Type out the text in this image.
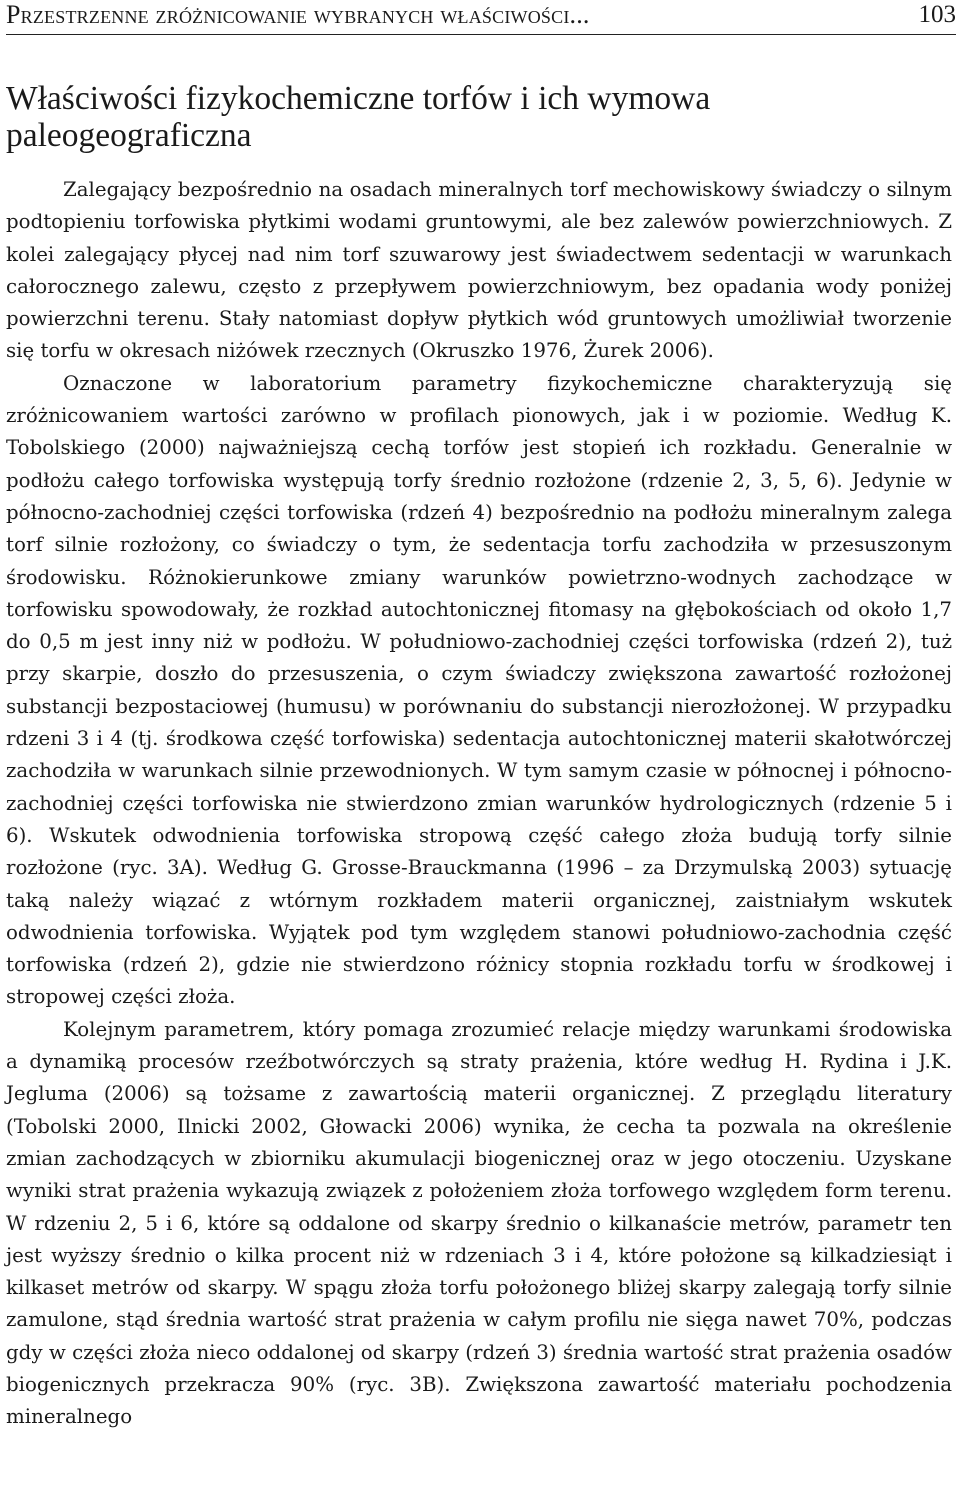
Przestrzenne zróżnicowanie wybranych właściwości...	103
Właściwości fizykochemiczne torfów i ich wymowa paleogeograficzna

Zalegający bezpośrednio na osadach mineralnych torf mechowiskowy świadczy o silnym podtopieniu torfowiska płytkimi wodami gruntowymi, ale bez zalewów powierzchniowych. Z kolei zalegający płycej nad nim torf szuwarowy jest świadectwem sedentacji w warunkach całorocznego zalewu, często z przepływem powierzchniowym, bez opadania wody poniżej powierzchni terenu. Stały natomiast dopływ płytkich wód gruntowych umożliwiał tworzenie się torfu w okresach niżówek rzecznych (Okruszko 1976, Żurek 2006).

Oznaczone w laboratorium parametry fizykochemiczne charakteryzują się zróżnicowaniem wartości zarówno w profilach pionowych, jak i w poziomie. Według K. Tobolskiego (2000) najważniejszą cechą torfów jest stopień ich rozkładu. Generalnie w podłożu całego torfowiska występują torfy średnio rozłożone (rdzenie 2, 3, 5, 6). Jedynie w północno-zachodniej części torfowiska (rdzeń 4) bezpośrednio na podłożu mineralnym zalega torf silnie rozłożony, co świadczy o tym, że sedentacja torfu zachodziła w przesuszonym środowisku. Różnokierunkowe zmiany warunków powietrzno-wodnych zachodzące w torfowisku spowodowały, że rozkład autochtonicznej fitomasy na głębokościach od około 1,7 do 0,5 m jest inny niż w podłożu. W południowo-zachodniej części torfowiska (rdzeń 2), tuż przy skarpie, doszło do przesuszenia, o czym świadczy zwiększona zawartość rozłożonej substancji bezpostaciowej (humusu) w porównaniu do substancji nierozłożonej. W przypadku rdzeni 3 i 4 (tj. środkowa część torfowiska) sedentacja autochtonicznej materii skałotwórczej zachodziła w warunkach silnie przewodnionych. W tym samym czasie w północnej i północno-zachodniej części torfowiska nie stwierdzono zmian warunków hydrologicznych (rdzenie 5 i 6). Wskutek odwodnienia torfowiska stropową część całego złoża budują torfy silnie rozłożone (ryc. 3A). Według G. Grosse-Brauckmanna (1996 – za Drzymulską 2003) sytuację taką należy wiązać z wtórnym rozkładem materii organicznej, zaistniałym wskutek odwodnienia torfowiska. Wyjątek pod tym względem stanowi południowo-zachodnia część torfowiska (rdzeń 2), gdzie nie stwierdzono różnicy stopnia rozkładu torfu w środkowej i stropowej części złoża.

Kolejnym parametrem, który pomaga zrozumieć relacje między warunkami środowiska a dynamiką procesów rzeźbotwórczych są straty prażenia, które według H. Rydina i J.K. Jegluma (2006) są tożsame z zawartością materii organicznej. Z przeglądu literatury (Tobolski 2000, Ilnicki 2002, Głowacki 2006) wynika, że cecha ta pozwala na określenie zmian zachodzących w zbiorniku akumulacji biogenicznej oraz w jego otoczeniu. Uzyskane wyniki strat prażenia wykazują związek z położeniem złoża torfowego względem form terenu. W rdzeniu 2, 5 i 6, które są oddalone od skarpy średnio o kilkanaście metrów, parametr ten jest wyższy średnio o kilka procent niż w rdzeniach 3 i 4, które położone są kilkadziesiąt i kilkaset metrów od skarpy. W spągu złoża torfu położonego bliżej skarpy zalegają torfy silnie zamulone, stąd średnia wartość strat prażenia w całym profilu nie sięga nawet 70%, podczas gdy w części złoża nieco oddalonej od skarpy (rdzeń 3) średnia wartość strat prażenia osadów biogenicznych przekracza 90% (ryc. 3B). Zwiększona zawartość materiału pochodzenia mineralnego
